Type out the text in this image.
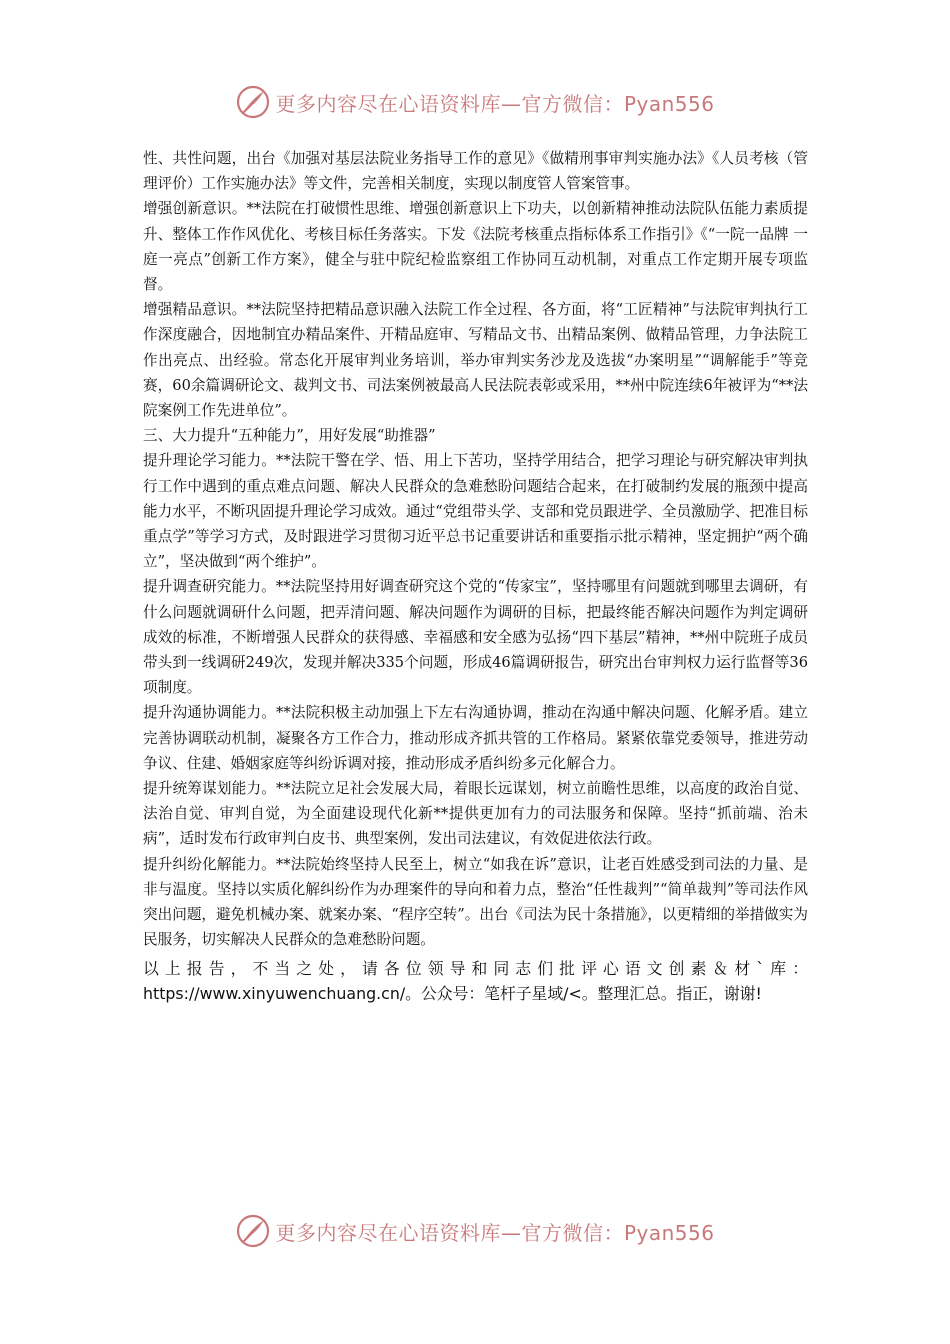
更多内容尽在心语资料库—官方微信：Pyan556

性、共性问题，出台《加强对基层法院业务指导工作的意见》《做精刑事审判实施办法》《人员考核（管理评价）工作实施办法》等文件，完善相关制度，实现以制度管人管案管事。

增强创新意识。**法院在打破惯性思维、增强创新意识上下功夫，以创新精神推动法院队伍能力素质提升、整体工作作风优化、考核目标任务落实。下发《法院考核重点指标体系工作指引》《“一院一品牌 一庭一亮点”创新工作方案》，健全与驻中院纪检监察组工作协同互动机制，对重点工作定期开展专项监督。

增强精品意识。**法院坚持把精品意识融入法院工作全过程、各方面，将“工匠精神”与法院审判执行工作深度融合，因地制宜办精品案件、开精品庭审、写精品文书、出精品案例、做精品管理，力争法院工作出亮点、出经验。常态化开展审判业务培训，举办审判实务沙龙及选拔“办案明星”“调解能手”等竞赛，60余篇调研论文、裁判文书、司法案例被最高人民法院表彰或采用，**州中院连续6年被评为“**法院案例工作先进单位”。

三、大力提升“五种能力”，用好发展“助推器”

提升理论学习能力。**法院干警在学、悟、用上下苦功，坚持学用结合，把学习理论与研究解决审判执行工作中遇到的重点难点问题、解决人民群众的急难愁盼问题结合起来，在打破制约发展的瓶颈中提高能力水平，不断巩固提升理论学习成效。通过“党组带头学、支部和党员跟进学、全员激励学、把准目标重点学”等学习方式，及时跟进学习贯彻习近平总书记重要讲话和重要指示批示精神，坚定拥护“两个确立”，坚决做到“两个维护”。

提升调查研究能力。**法院坚持用好调查研究这个党的“传家宝”，坚持哪里有问题就到哪里去调研，有什么问题就调研什么问题，把弄清问题、解决问题作为调研的目标，把最终能否解决问题作为判定调研成效的标准，不断增强人民群众的获得感、幸福感和安全感为弘扬“四下基层”精神，**州中院班子成员带头到一线调研249次，发现并解决335个问题，形成46篇调研报告，研究出台审判权力运行监督等36项制度。

提升沟通协调能力。**法院积极主动加强上下左右沟通协调，推动在沟通中解决问题、化解矛盾。建立完善协调联动机制，凝聚各方工作合力，推动形成齐抓共管的工作格局。紧紧依靠党委领导，推进劳动争议、住建、婚姻家庭等纠纷诉调对接，推动形成矛盾纠纷多元化解合力。

提升统筹谋划能力。**法院立足社会发展大局，着眼长远谋划，树立前瞻性思维，以高度的政治自觉、法治自觉、审判自觉，为全面建设现代化新**提供更加有力的司法服务和保障。坚持“抓前端、治未病”，适时发布行政审判白皮书、典型案例，发出司法建议，有效促进依法行政。

提升纠纷化解能力。**法院始终坚持人民至上，树立“如我在诉”意识，让老百姓感受到司法的力量、是非与温度。坚持以实质化解纠纷作为办理案件的导向和着力点，整治“任性裁判”“简单裁判”等司法作风突出问题，避免机械办案、就案办案、“程序空转”。出台《司法为民十条措施》，以更精细的举措做实为民服务，切实解决人民群众的急难愁盼问题。

以上报告，不当之处，请各位领导和同志们批评心语文创素＆材`库：https://www.xinyuwenchuang.cn/。公众号：笔杆子星域/<。整理汇总。指正，谢谢!

更多内容尽在心语资料库—官方微信：Pyan556
